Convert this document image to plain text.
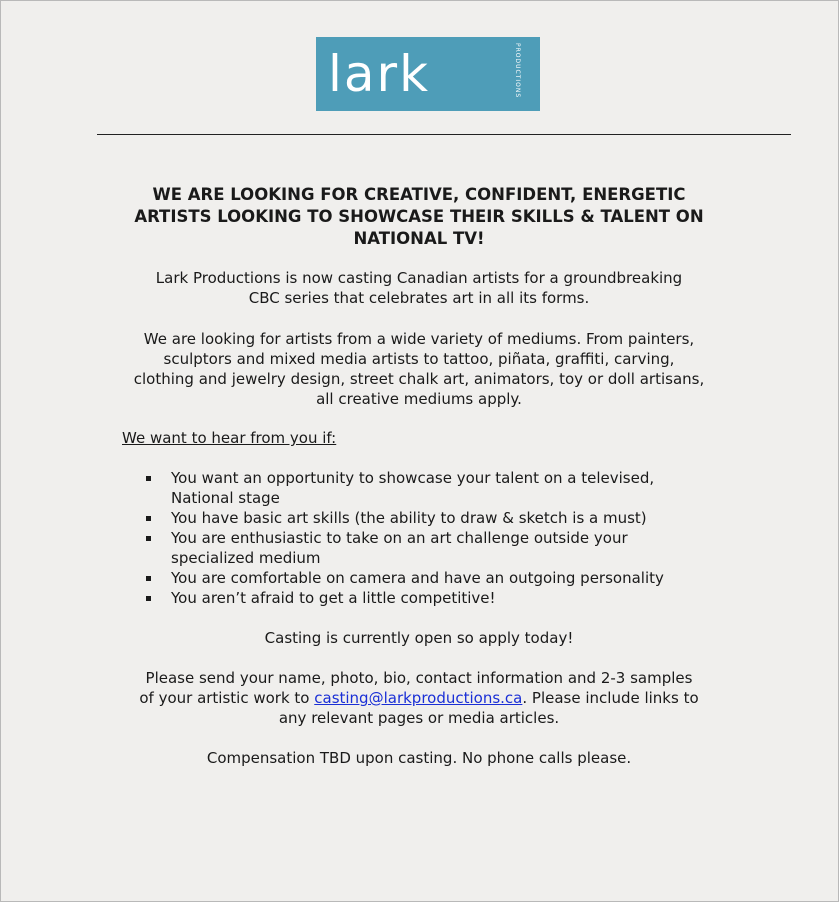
lark	PRODUCTIONS
WE ARE LOOKING FOR CREATIVE, CONFIDENT, ENERGETIC
ARTISTS LOOKING TO SHOWCASE THEIR SKILLS & TALENT ON
NATIONAL TV!

Lark Productions is now casting Canadian artists for a groundbreaking
CBC series that celebrates art in all its forms.

We are looking for artists from a wide variety of mediums. From painters,
sculptors and mixed media artists to tattoo, piñata, graffiti, carving,
clothing and jewelry design, street chalk art, animators, toy or doll artisans,
all creative mediums apply.

We want to hear from you if:
You want an opportunity to showcase your talent on a televised,
National stage
You have basic art skills (the ability to draw & sketch is a must)
You are enthusiastic to take on an art challenge outside your
specialized medium
You are comfortable on camera and have an outgoing personality
You aren’t afraid to get a little competitive!

Casting is currently open so apply today!

Please send your name, photo, bio, contact information and 2-3 samples
of your artistic work to casting@larkproductions.ca. Please include links to
any relevant pages or media articles.

Compensation TBD upon casting. No phone calls please.
